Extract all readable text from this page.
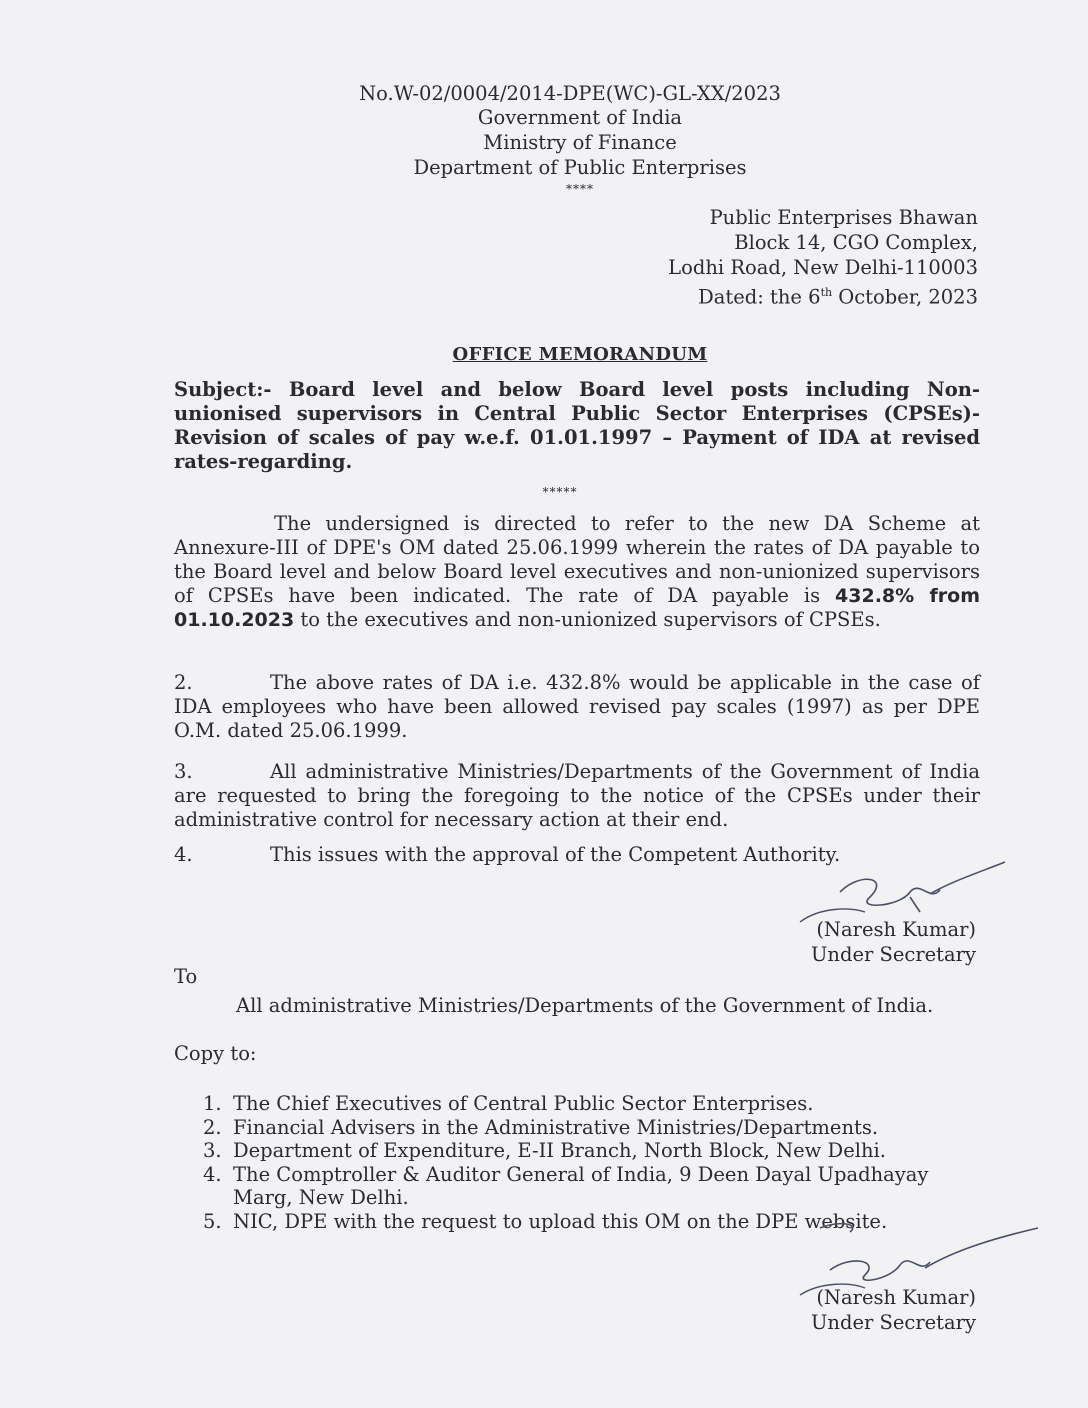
No.W-02/0004/2014-DPE(WC)-GL-XX/2023
Government of India
Ministry of Finance
Department of Public Enterprises
****
Public Enterprises Bhawan
Block 14, CGO Complex,
Lodhi Road, New Delhi-110003
Dated: the 6th October, 2023
OFFICE MEMORANDUM
Subject:- Board level and below Board level posts including Non-unionised supervisors in Central Public Sector Enterprises (CPSEs)- Revision of scales of pay w.e.f. 01.01.1997 – Payment of IDA at revised rates-regarding.
*****
The undersigned is directed to refer to the new DA Scheme at Annexure-III of DPE's OM dated 25.06.1999 wherein the rates of DA payable to the Board level and below Board level executives and non-unionized supervisors of CPSEs have been indicated. The rate of DA payable is 432.8% from 01.10.2023 to the executives and non-unionized supervisors of CPSEs.
2.	The above rates of DA i.e. 432.8% would be applicable in the case of IDA employees who have been allowed revised pay scales (1997) as per DPE O.M. dated 25.06.1999.
3.	All administrative Ministries/Departments of the Government of India are requested to bring the foregoing to the notice of the CPSEs under their administrative control for necessary action at their end.
4.	This issues with the approval of the Competent Authority.
(Naresh Kumar)
Under Secretary
To
All administrative Ministries/Departments of the Government of India.
Copy to:
1. The Chief Executives of Central Public Sector Enterprises.
2. Financial Advisers in the Administrative Ministries/Departments.
3. Department of Expenditure, E-II Branch, North Block, New Delhi.
4. The Comptroller & Auditor General of India, 9 Deen Dayal Upadhayay Marg, New Delhi.
5. NIC, DPE with the request to upload this OM on the DPE website.
(Naresh Kumar)
Under Secretary
